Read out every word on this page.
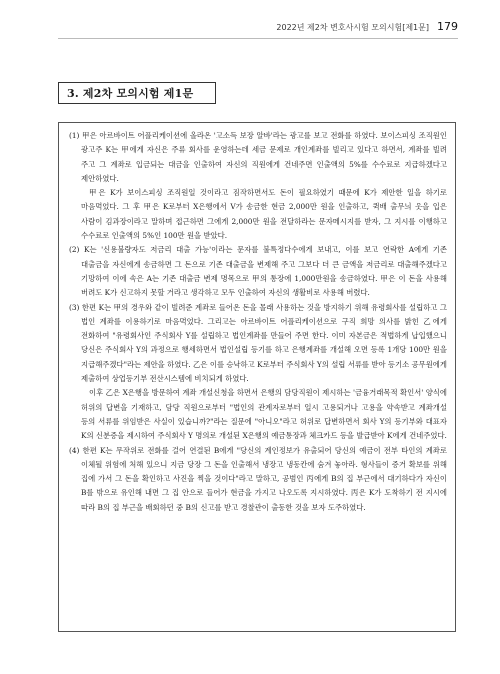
2022년 제2차 변호사시험 모의시험[제1문] 179
3. 제2차 모의시험 제1문

(1) 甲은 아르바이트 어플리케이션에 올라온 '고소득 보장 알바'라는 광고를 보고 전화를 하였다. 보이스피싱 조직원인 광고주 K는 甲에게 자신은 주류 회사를 운영하는데 세금 문제로 개인계좌를 빌리고 있다고 하면서, 계좌를 빌려 주고 그 계좌로 입금되는 대금을 인출하여 자신의 직원에게 건네주면 인출액의 5%를 수수료로 지급하겠다고 제안하였다.

甲은 K가 보이스피싱 조직원일 것이라고 짐작하면서도 돈이 필요하였기 때문에 K가 제안한 일을 하기로 마음먹었다. 그 후 甲은 K로부터 X은행에서 V가 송금한 현금 2,000만 원을 인출하고, 퀵배 출무늬 옷을 입은 사람이 김과장이라고 말하며 접근하면 그에게 2,000만 원을 전달하라는 문자메시지를 받자, 그 지시를 이행하고 수수료로 인출액의 5%인 100만 원을 받았다.

(2) K는 '신용불량자도 저금리 대출 가능'이라는 문자를 불특정다수에게 보내고, 이를 보고 연락한 A에게 기존 대출금을 자신에게 송금하면 그 돈으로 기존 대출금을 변제해 주고 그보다 더 큰 금액을 저금리로 대출해주겠다고 기망하여 이에 속은 A는 기존 대출금 변제 명목으로 甲의 통장에 1,000만원을 송금하였다. 甲은 이 돈을 사용해 버려도 K가 신고하지 못할 거라고 생각하고 모두 인출하여 자신의 생활비로 사용해 버렸다.

(3) 한편 K는 甲의 경우와 같이 빌려준 계좌로 들어온 돈을 몰래 사용하는 것을 방지하기 위해 유령회사를 설립하고 그 법인 계좌를 이용하기로 마음먹었다. 그리고는 아르바이트 어플리케이션으로 구직 희망 의사를 밝힌 乙에게 전화하여 "유령회사인 주식회사 Y를 설립하고 법인계좌를 만들어 주면 한다. 이미 자본금은 적법하게 납입했으니 당신은 주식회사 Y의 과정으로 행세하면서 법인설립 등기를 하고 은행계좌를 개설해 오면 등록 1개당 100만 원을 지급해주겠다"라는 제안을 하였다. 乙은 이를 승낙하고 K로부터 주식회사 Y의 설립 서류를 받아 등기소 공무원에게 제출하여 상업등기부 전산시스템에 비치되게 하였다.

이후 乙은 X은행을 방문하여 계좌 개설신청을 하면서 은행의 담당직원이 제시하는 '금융거래목적 확인서' 양식에 허위의 답변을 기재하고, 담당 직원으로부터 "법인의 관계자로부터 일시 고용되거나 고용을 약속받고 계좌개설 등의 서류를 위임받은 사실이 있습니까?"라는 질문에 "아니오"라고 허위로 답변하면서 회사 Y의 등기부와 대표자 K의 신분증을 제시하여 주식회사 Y 명의로 개설된 X은행의 예금통장과 체크카드 등을 발급받아 K에게 건네주었다.

(4) 한편 K는 무작위로 전화를 걸어 연결된 B에게 "당신의 계인정보가 유출되어 당신의 예금이 전부 타인의 계좌로 이체될 위험에 처해 있으니 지금 당장 그 돈을 인출해서 냉장고 냉동칸에 숨겨 놓아라. 형사들이 증거 확보를 위해 집에 가서 그 돈을 확인하고 사진을 찍을 것이다"라고 말하고, 공범인 丙에게 B의 집 부근에서 대기하다가 자신이 B를 밖으로 유인해 내면 그 집 안으로 들어가 현금을 가지고 나오도록 지시하였다. 丙은 K가 도착하기 전 지시에 따라 B의 집 부근을 배회하던 중 B의 신고를 받고 경찰관이 출동한 것을 보자 도주하였다.
